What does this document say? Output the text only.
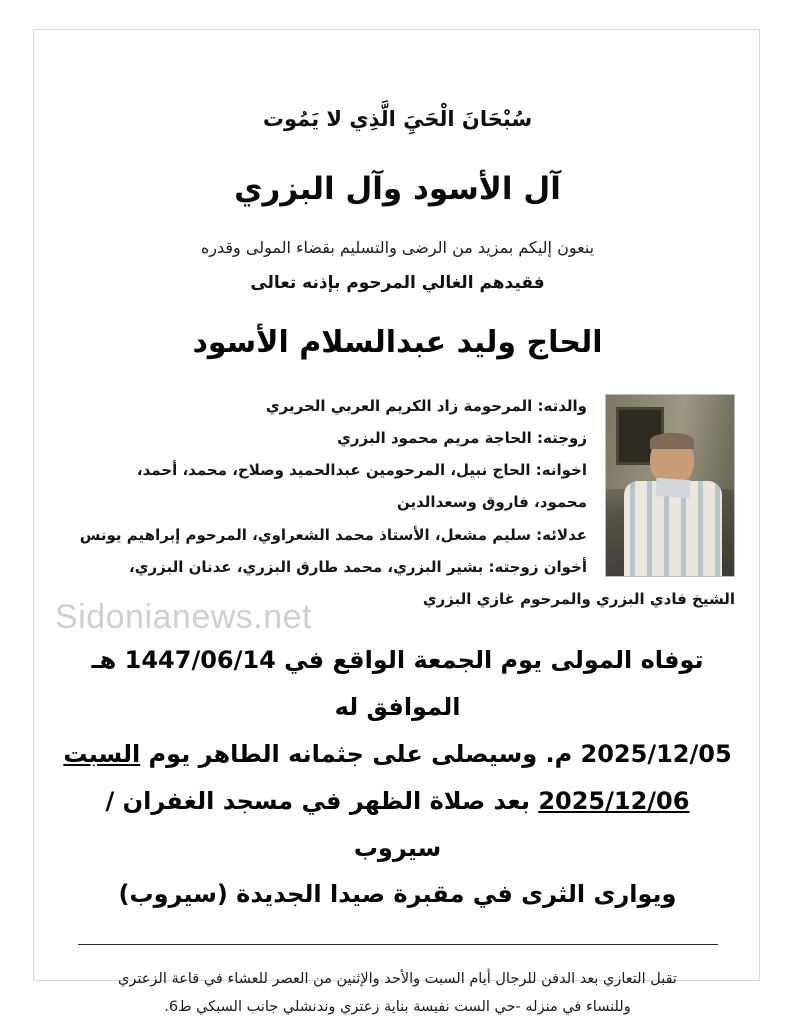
سُبْحَانَ الْحَيَِ الَّذِي لا يَمُوت
آل الأسود وآل البزري
ينعون إليكم بمزيد من الرضى والتسليم بقضاء المولى وقدره
فقيدهم الغالي المرحوم بإذنه تعالى
الحاج وليد عبدالسلام الأسود
والدته: المرحومة زاد الكريم العربي الحريري
زوجته: الحاجة مريم محمود البزري
اخوانه: الحاج نبيل، المرحومين عبدالحميد وصلاح، محمد، أحمد،
محمود، فاروق وسعدالدين
عدلائه: سليم مشعل، الأستاذ محمد الشعراوي، المرحوم إبراهيم يونس
أخوان زوجته: بشير البزري، محمد طارق البزري، عدنان البزري،
الشيخ فادي البزري والمرحوم غازي البزري
توفاه المولى يوم الجمعة الواقع في 1447/06/14 هـ الموافق له
2025/12/05 م. وسيصلى على جثمانه الطاهر يوم السبت
2025/12/06 بعد صلاة الظهر في مسجد الغفران / سيروب
ويوارى الثرى في مقبرة صيدا الجديدة (سيروب)
تقبل التعازي بعد الدفن للرجال أيام السبت والأحد والإثنين من العصر للعشاء في قاعة الزعتري
وللنساء في منزله -حي الست نفيسة بناية زعتري وندنشلي جانب السبكي ط6.
Sidonianews.net
